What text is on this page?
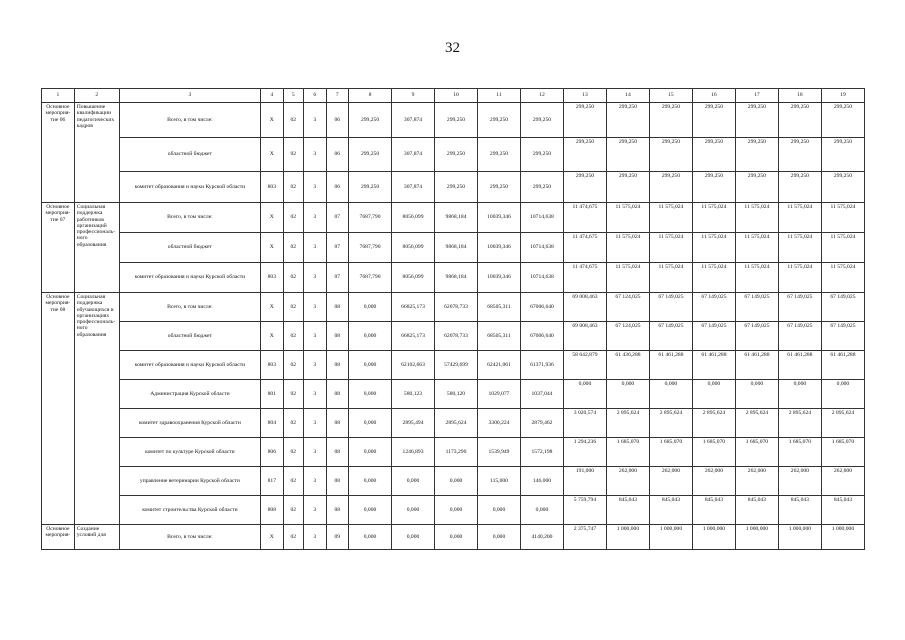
32
1	2	3	4	5	6	7	8	9	10	11	12	13	14	15	16	17	18	19
Основное мероприя-тие 06	Повышение квалификации педагогических кадров	Всего, в том числе:	X	02	3	06	299,250	307,874	299,250	299,250	299,250	299,250	299,250	299,250	299,250	299,250	299,250	299,250
		областной бюджет	X	02	3	06	299,250	307,874	299,250	299,250	299,250	299,250	299,250	299,250	299,250	299,250	299,250	299,250
		комитет образования и науки Курской области	803	02	3	06	299,250	307,874	299,250	299,250	299,250	299,250	299,250	299,250	299,250	299,250	299,250	299,250
Основное мероприя-тие 07	Социальная поддержка работников организаций профессиональ-ного образования	Всего, в том числе:	X	02	3	07	7687,790	8056,099	9868,184	10039,346	10714,638	11 474,675	11 575,024	11 575,024	11 575,024	11 575,024	11 575,024	11 575,024
		областной бюджет	X	02	3	07	7687,790	8056,099	9868,184	10039,346	10714,638	11 474,675	11 575,024	11 575,024	11 575,024	11 575,024	11 575,024	11 575,024
		комитет образования и науки Курской области	803	02	3	07	7687,790	8056,099	9868,184	10039,346	10714,638	11 474,675	11 575,024	11 575,024	11 575,024	11 575,024	11 575,024	11 575,024
Основное мероприя-тие 08	Социальная поддержка обучающихся в организациях профессиональ-ного образования	Всего, в том числе:	X	02	3	08	0,000	66825,173	62078,733	68505,311	67006,640	69 008,463	67 124,025	67 149,025	67 149,025	67 149,025	67 149,025	67 149,025
		областной бюджет	X	02	3	08	0,000	66825,173	62078,733	68505,311	67006,640	69 008,463	67 124,025	67 149,025	67 149,025	67 149,025	67 149,025	67 149,025
		комитет образования и науки Курской области	803	02	3	08	0,000	62102,663	57429,699	62421,061	61371,936	58 642,879	61 436,288	61 461,288	61 461,288	61 461,288	61 461,288	61 461,288
		Администрация Курской области	801	02	3	08	0,000	580,123	580,120	1029,077	1037,044	0,000	0,000	0,000	0,000	0,000	0,000	0,000
		комитет здравоохранения Курской области	804	02	3	08	0,000	2895,494	2895,624	3300,224	2879,462	3 020,574	2 895,624	2 895,624	2 895,624	2 895,624	2 895,624	2 895,624
		комитет по культуре Курской области	806	02	3	08	0,000	1246,893	1173,290	1539,949	1572,198	1 294,236	1 685,070	1 685,070	1 685,070	1 685,070	1 685,070	1 685,070
		управление ветеринарии Курской области	817	02	3	08	0,000	0,000	0,000	115,000	146,000	191,000	262,000	262,000	262,000	262,000	262,000	262,000
		комитет строительства Курской области	808	02	3	08	0,000	0,000	0,000	0,000	0,000	5 759,794	845,043	845,043	845,043	845,043	845,043	845,043
Основное мероприя-	Создание условий для	Всего, в том числе:	X	02	3	09	0,000	0,000	0,000	0,000	4140,200	2 375,747	1 000,000	1 000,000	1 000,000	1 000,000	1 000,000	1 000,000
